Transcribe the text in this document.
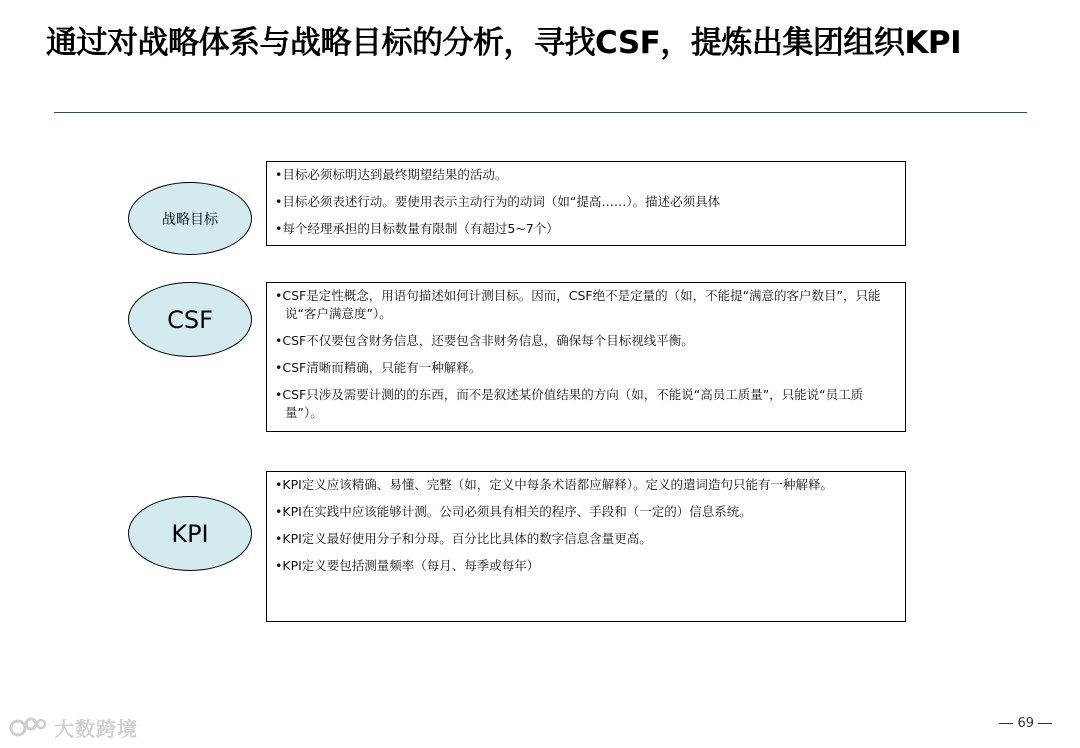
通过对战略体系与战略目标的分析，寻找CSF，提炼出集团组织KPI
战略目标
•目标必须标明达到最终期望结果的活动。
•目标必须表述行动。要使用表示主动行为的动词（如“提高……）。描述必须具体
•每个经理承担的目标数量有限制（有超过5~7个）
CSF
•CSF是定性概念，用语句描述如何计测目标。因而，CSF绝不是定量的（如，不能提“满意的客户数目”，只能说“客户满意度”）。
•CSF不仅要包含财务信息，还要包含非财务信息，确保每个目标视线平衡。
•CSF清晰而精确，只能有一种解释。
•CSF只涉及需要计测的的东西，而不是叙述某价值结果的方向（如，不能说“高员工质量”，只能说“员工质量”）。
KPI
•KPI定义应该精确、易懂、完整（如，定义中每条术语都应解释）。定义的遣词造句只能有一种解释。
•KPI在实践中应该能够计测。公司必须具有相关的程序、手段和（一定的）信息系统。
•KPI定义最好使用分子和分母。百分比比具体的数字信息含量更高。
•KPI定义要包括测量频率（每月、每季或每年）
大数跨境	69
